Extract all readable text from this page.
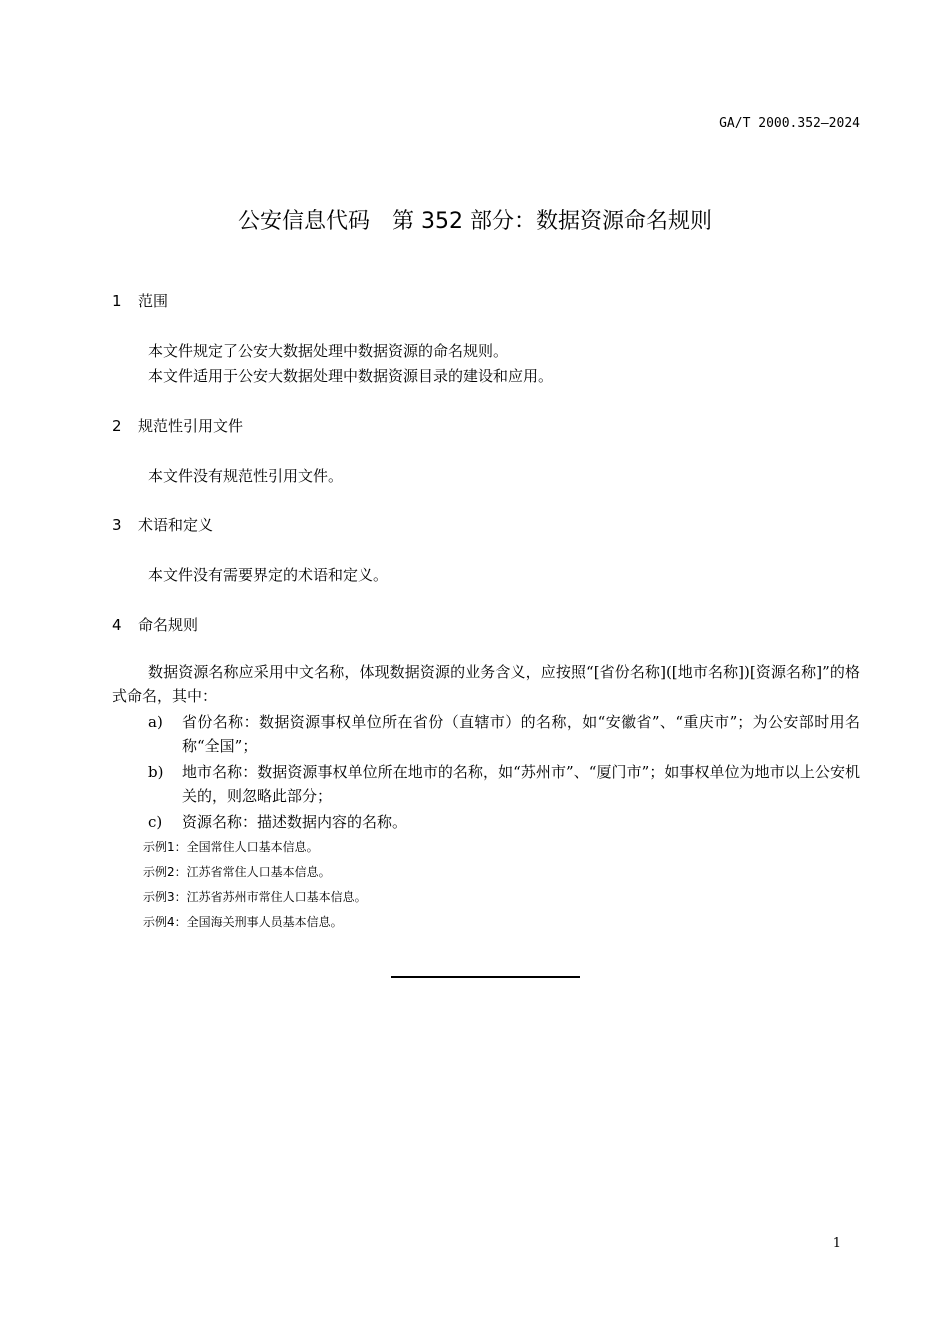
GA/T 2000.352—2024
公安信息代码 第 352 部分：数据资源命名规则
1 范围
本文件规定了公安大数据处理中数据资源的命名规则。
本文件适用于公安大数据处理中数据资源目录的建设和应用。
2 规范性引用文件
本文件没有规范性引用文件。
3 术语和定义
本文件没有需要界定的术语和定义。
4 命名规则
数据资源名称应采用中文名称，体现数据资源的业务含义，应按照“[省份名称]([地市名称])[资源名称]”的格式命名，其中：
a) 省份名称：数据资源事权单位所在省份（直辖市）的名称，如“安徽省”、“重庆市”；为公安部时用名称“全国”；
b) 地市名称：数据资源事权单位所在地市的名称，如“苏州市”、“厦门市”；如事权单位为地市以上公安机关的，则忽略此部分；
c) 资源名称：描述数据内容的名称。
示例1：全国常住人口基本信息。
示例2：江苏省常住人口基本信息。
示例3：江苏省苏州市常住人口基本信息。
示例4：全国海关刑事人员基本信息。
1
